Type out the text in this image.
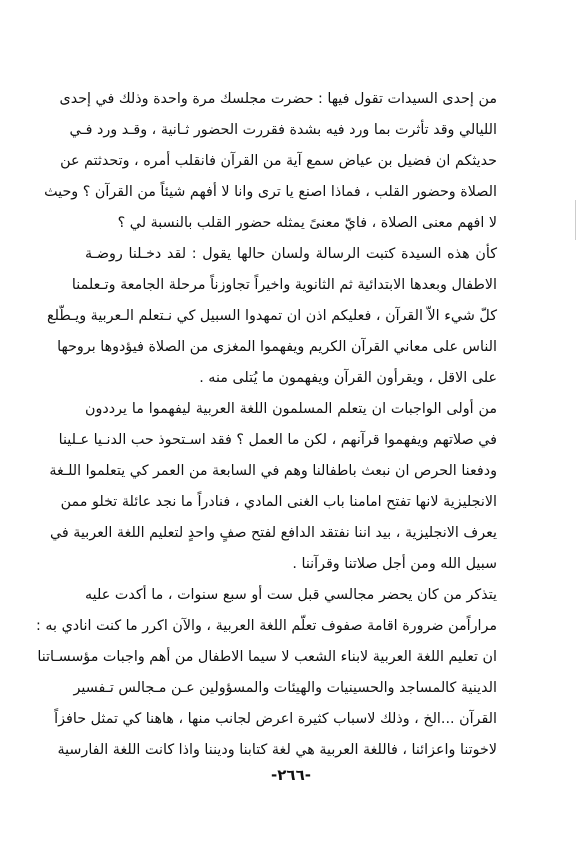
من إحدى السيدات تقول فيها : حضرت مجلسك مرة واحدة وذلك في إحدى
الليالي وقد تأثرت بما ورد فيه بشدة فقررت الحضور ثـانية ، وقـد ورد فـي
حديثكم ان فضيل بن عياض سمع آية من القرآن فانقلب أمره ، وتحدثتم عن
الصلاة وحضور القلب ، فماذا اصنع يا ترى وانا لا أفهم شيئاً من القرآن ؟ وحيث
لا افهم معنى الصلاة ، فايّ معنىً يمثله حضور القلب بالنسبة لي ؟
كأن هذه السيدة كتبت الرسالة ولسان حالها يقول : لقد دخـلنا روضـة
الاطفال وبعدها الابتدائية ثم الثانوية واخيراً تجاوزناً مرحلة الجامعة وتـعلمنا
كلّ شيء الاّ القرآن ، فعليكم اذن ان تمهدوا السبيل كي نـتعلم الـعربية ويـطّلع
الناس على معاني القرآن الكريم ويفهموا المغزى من الصلاة فيؤدوها بروحها
على الاقل ، ويقرأون القرآن ويفهمون ما يُتلى منه .
من أولى الواجبات ان يتعلم المسلمون اللغة العربية ليفهموا ما يرددون
في صلاتهم ويفهموا قرآنهم ، لكن ما العمل ؟ فقد اسـتحوذ حب الدنـيا عـلينا
ودفعنا الحرص ان نبعث باطفالنا وهم في السابعة من العمر كي يتعلموا اللـغة
الانجليزية لانها تفتح امامنا باب الغنى المادي ، فنادراً ما نجد عائلة تخلو ممن
يعرف الانجليزية ، بيد اننا نفتقد الدافع لفتح صفٍ واحدٍ لتعليم اللغة العربية في
سبيل الله ومن أجل صلاتنا وقرآننا .
يتذكر من كان يحضر مجالسي قبل ست أو سبع سنوات ، ما أكدت عليه
مراراًمن ضرورة اقامة صفوف تعلّم اللغة العربية ، والآن اكرر ما كنت انادي به :
ان تعليم اللغة العربية لابناء الشعب لا سيما الاطفال من أهم واجبات مؤسسـاتنا
الدينية كالمساجد والحسينيات والهيئات والمسؤولين عـن مـجالس تـفسير
القرآن ...الخ ، وذلك لاسباب كثيرة اعرض لجانب منها ، هاهنا كي تمثل حافزاً
لاخوتنا واعزائنا ، فاللغة العربية هي لغة كتابنا وديننا واذا كانت اللغة الفارسية
-٢٦٦-
